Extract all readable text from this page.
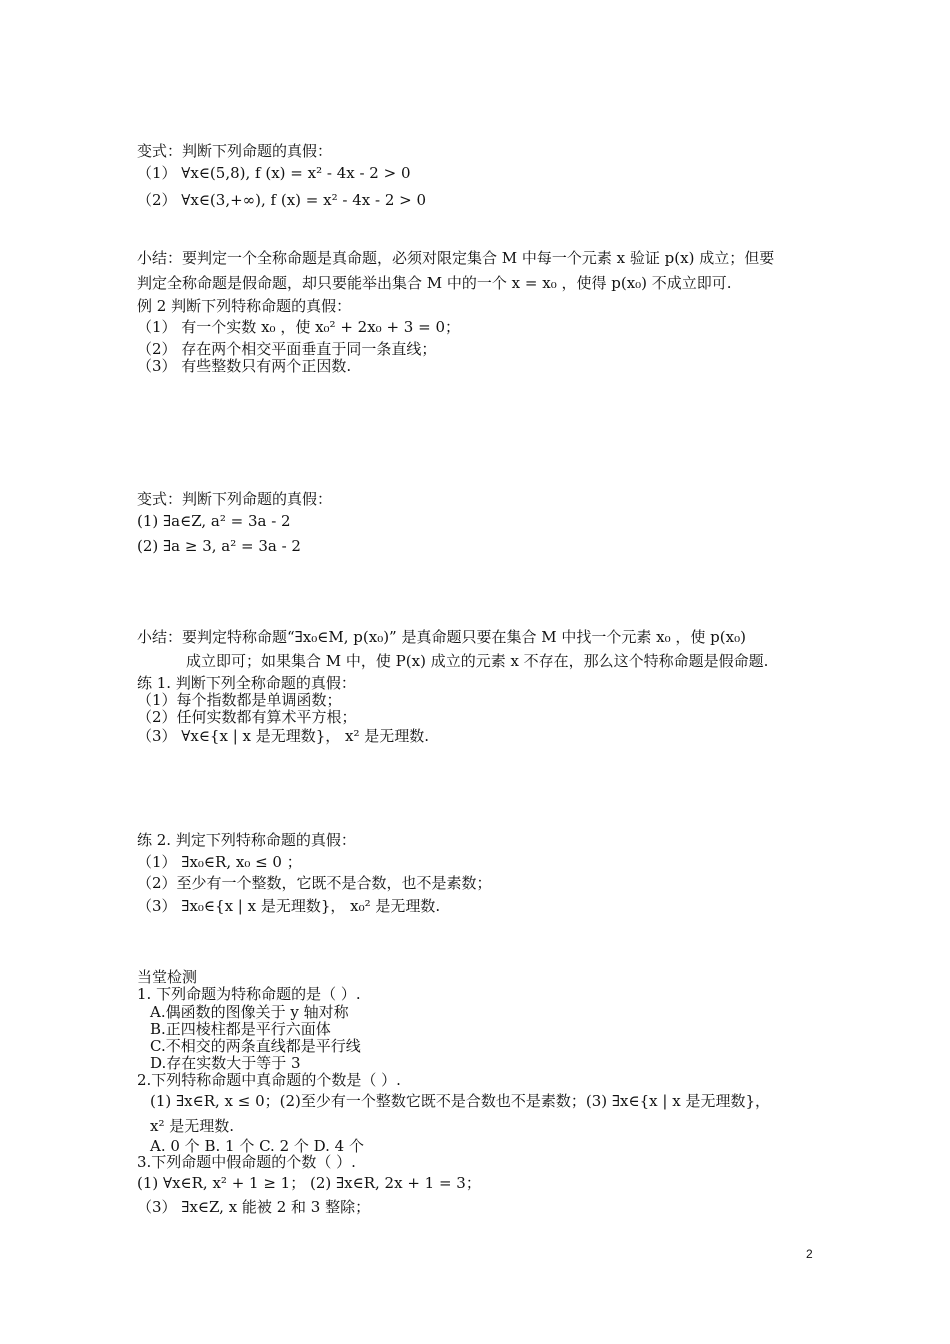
变式：判断下列命题的真假：
（1） ∀x∈(5,8), f (x) = x² - 4x - 2 > 0
（2） ∀x∈(3,+∞), f (x) = x² - 4x - 2 > 0
小结：要判定一个全称命题是真命题，必须对限定集合 M 中每一个元素 x 验证 p(x) 成立；但要
判定全称命题是假命题，却只要能举出集合 M 中的一个 x = x₀ ，使得 p(x₀) 不成立即可.
例 2 判断下列特称命题的真假：
（1） 有一个实数 x₀ ，使 x₀² + 2x₀ + 3 = 0；
（2） 存在两个相交平面垂直于同一条直线；
（3） 有些整数只有两个正因数.
变式：判断下列命题的真假：
(1) ∃a∈Z, a² = 3a - 2
(2) ∃a ≥ 3, a² = 3a - 2
小结：要判定特称命题“∃x₀∈M, p(x₀)” 是真命题只要在集合 M 中找一个元素 x₀ ，使 p(x₀)
成立即可；如果集合 M 中，使 P(x) 成立的元素 x 不存在，那么这个特称命题是假命题.
练 1. 判断下列全称命题的真假：
（1）每个指数都是单调函数；
（2）任何实数都有算术平方根；
（3） ∀x∈{x | x 是无理数}， x² 是无理数.
练 2. 判定下列特称命题的真假：
（1） ∃x₀∈R, x₀ ≤ 0 ；
（2）至少有一个整数，它既不是合数，也不是素数；
（3） ∃x₀∈{x | x 是无理数}， x₀² 是无理数.
当堂检测
1. 下列命题为特称命题的是（ ）.
A.偶函数的图像关于 y 轴对称
B.正四棱柱都是平行六面体
C.不相交的两条直线都是平行线
D.存在实数大于等于 3
2.下列特称命题中真命题的个数是（ ）.
(1) ∃x∈R, x ≤ 0；(2)至少有一个整数它既不是合数也不是素数；(3) ∃x∈{x | x 是无理数}，
x² 是无理数.
A. 0 个 B. 1 个 C. 2 个 D. 4 个
3.下列命题中假命题的个数（ ）.
(1) ∀x∈R, x² + 1 ≥ 1； (2) ∃x∈R, 2x + 1 = 3；
（3） ∃x∈Z, x 能被 2 和 3 整除；
2
